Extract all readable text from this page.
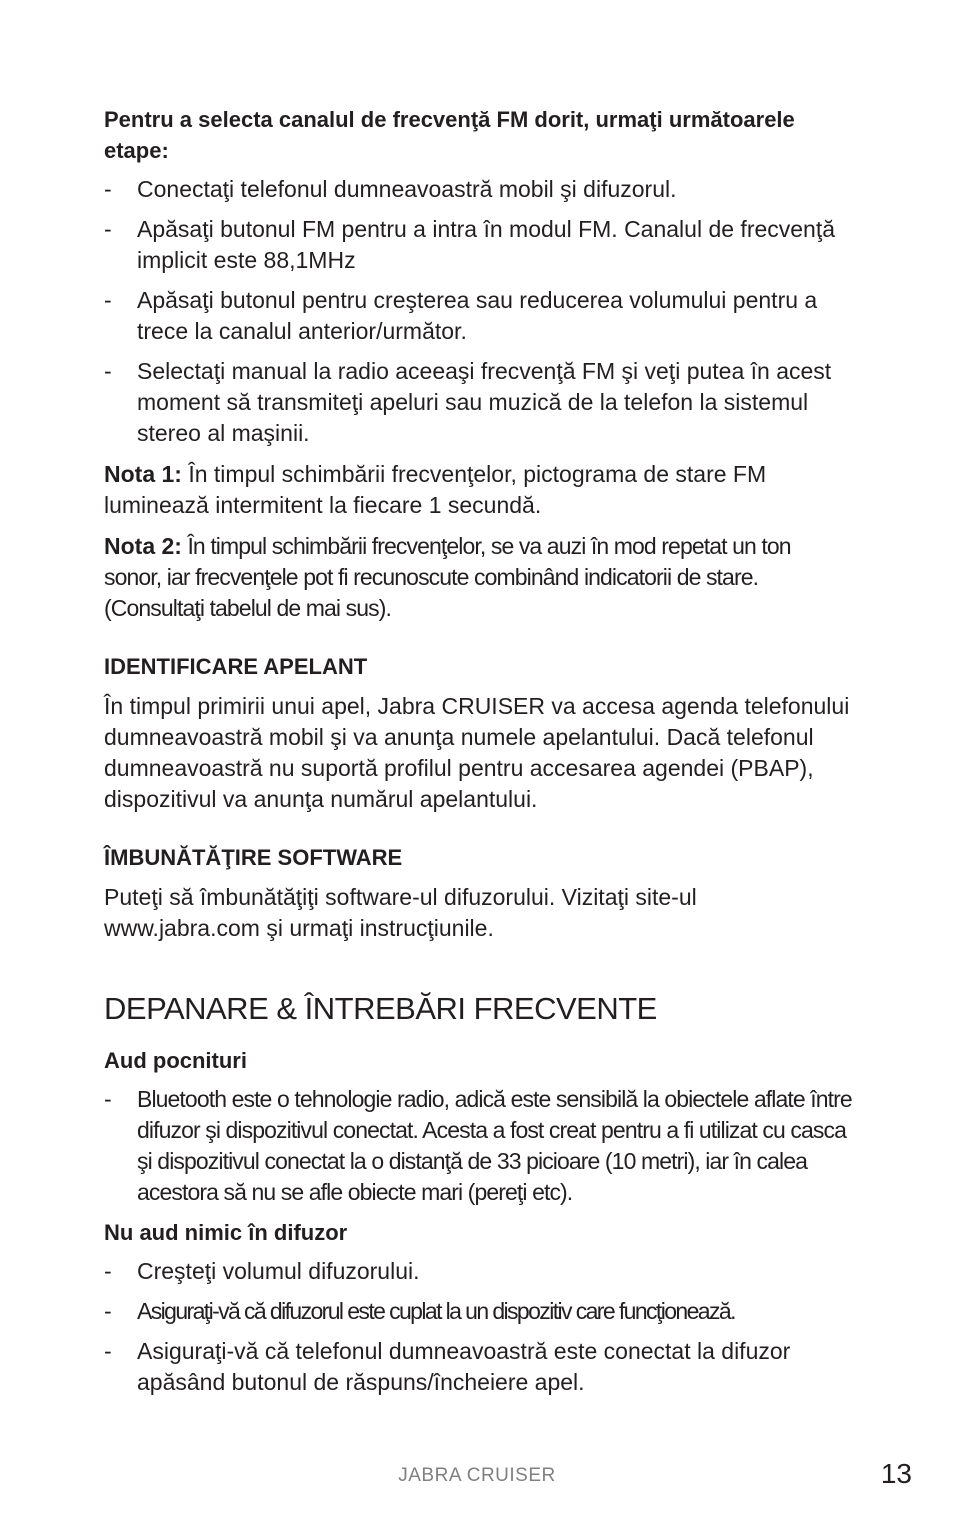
Pentru a selecta canalul de frecvenţă FM dorit, urmaţi următoarele etape:

- Conectaţi telefonul dumneavoastră mobil şi difuzorul.
- Apăsaţi butonul FM pentru a intra în modul FM. Canalul de frecvenţă implicit este 88,1MHz
- Apăsaţi butonul pentru creşterea sau reducerea volumului pentru a trece la canalul anterior/următor.
- Selectaţi manual la radio aceeaşi frecvenţă FM şi veţi putea în acest moment să transmiteţi apeluri sau muzică de la telefon la sistemul stereo al maşinii.

Nota 1: În timpul schimbării frecvenţelor, pictograma de stare FM luminează intermitent la fiecare 1 secundă.

Nota 2: În timpul schimbării frecvenţelor, se va auzi în mod repetat un ton sonor, iar frecvenţele pot fi recunoscute combinând indicatorii de stare. (Consultaţi tabelul de mai sus).

IDENTIFICARE APELANT

În timpul primirii unui apel, Jabra CRUISER va accesa agenda telefonului dumneavoastră mobil şi va anunţa numele apelantului. Dacă telefonul dumneavoastră nu suportă profilul pentru accesarea agendei (PBAP), dispozitivul va anunţa numărul apelantului.

ÎMBUNĂTĂŢIRE SOFTWARE

Puteţi să îmbunătăţiţi software-ul difuzorului. Vizitaţi site-ul www.jabra.com şi urmaţi instrucţiunile.

DEPANARE & ÎNTREBĂRI FRECVENTE
Aud pocnituri
- Bluetooth este o tehnologie radio, adică este sensibilă la obiectele aflate între difuzor şi dispozitivul conectat. Acesta a fost creat pentru a fi utilizat cu casca şi dispozitivul conectat la o distanţă de 33 picioare (10 metri), iar în calea acestora să nu se afle obiecte mari (pereţi etc).
Nu aud nimic în difuzor
- Creşteţi volumul difuzorului.
- Asiguraţi-vă că difuzorul este cuplat la un dispozitiv care funcţionează.
- Asiguraţi-vă că telefonul dumneavoastră este conectat la difuzor apăsând butonul de răspuns/încheiere apel.
JABRA CRUISER	13
